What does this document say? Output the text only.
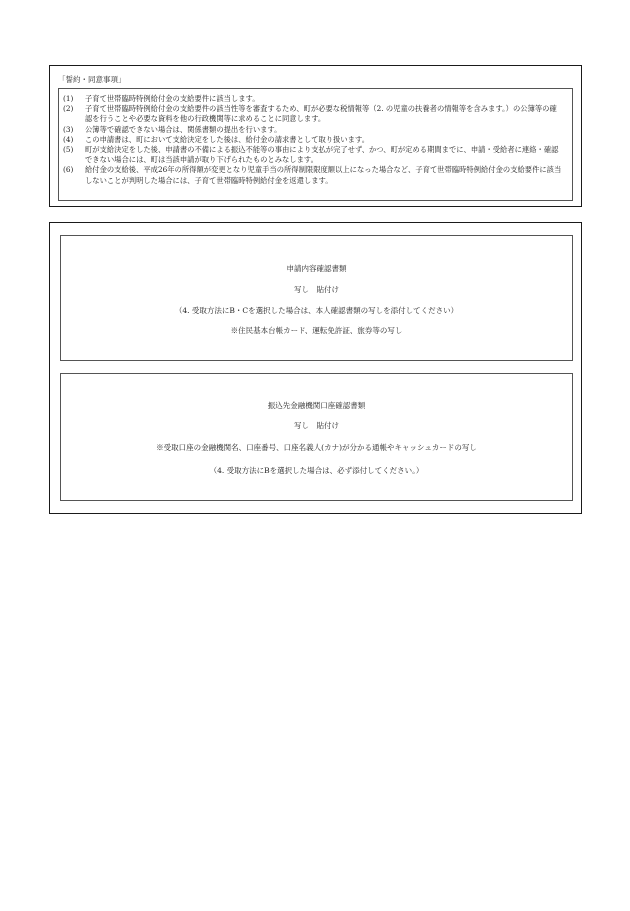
「誓約・同意事項」
(1)	子育て世帯臨時特例給付金の支給要件に該当します。
(2)	子育て世帯臨時特例給付金の支給要件の該当性等を審査するため、町が必要な税情報等（2. の児童の扶養者の情報等を含みます。）の公簿等の確認を行うことや必要な資料を他の行政機関等に求めることに同意します。
(3)	公簿等で確認できない場合は、関係書類の提出を行います。
(4)	この申請書は、町において支給決定をした後は、給付金の請求書として取り扱います。
(5)	町が支給決定をした後、申請書の不備による振込不能等の事由により支払が完了せず、かつ、町が定める期間までに、申請・受給者に連絡・確認できない場合には、町は当該申請が取り下げられたものとみなします。
(6)	給付金の支給後、平成26年の所得額が変更となり児童手当の所得制限限度額以上になった場合など、子育て世帯臨時特例給付金の支給要件に該当しないことが判明した場合には、子育て世帯臨時特例給付金を返還します。
申請内容確認書類
写し　貼付け
（4. 受取方法にB・Cを選択した場合は、本人確認書類の写しを添付してください）
※住民基本台帳カード、運転免許証、旅券等の写し
振込先金融機関口座確認書類
写し　貼付け
※受取口座の金融機関名、口座番号、口座名義人(カナ)が分かる通帳やキャッシュカードの写し
（4. 受取方法にBを選択した場合は、必ず添付してください。）
